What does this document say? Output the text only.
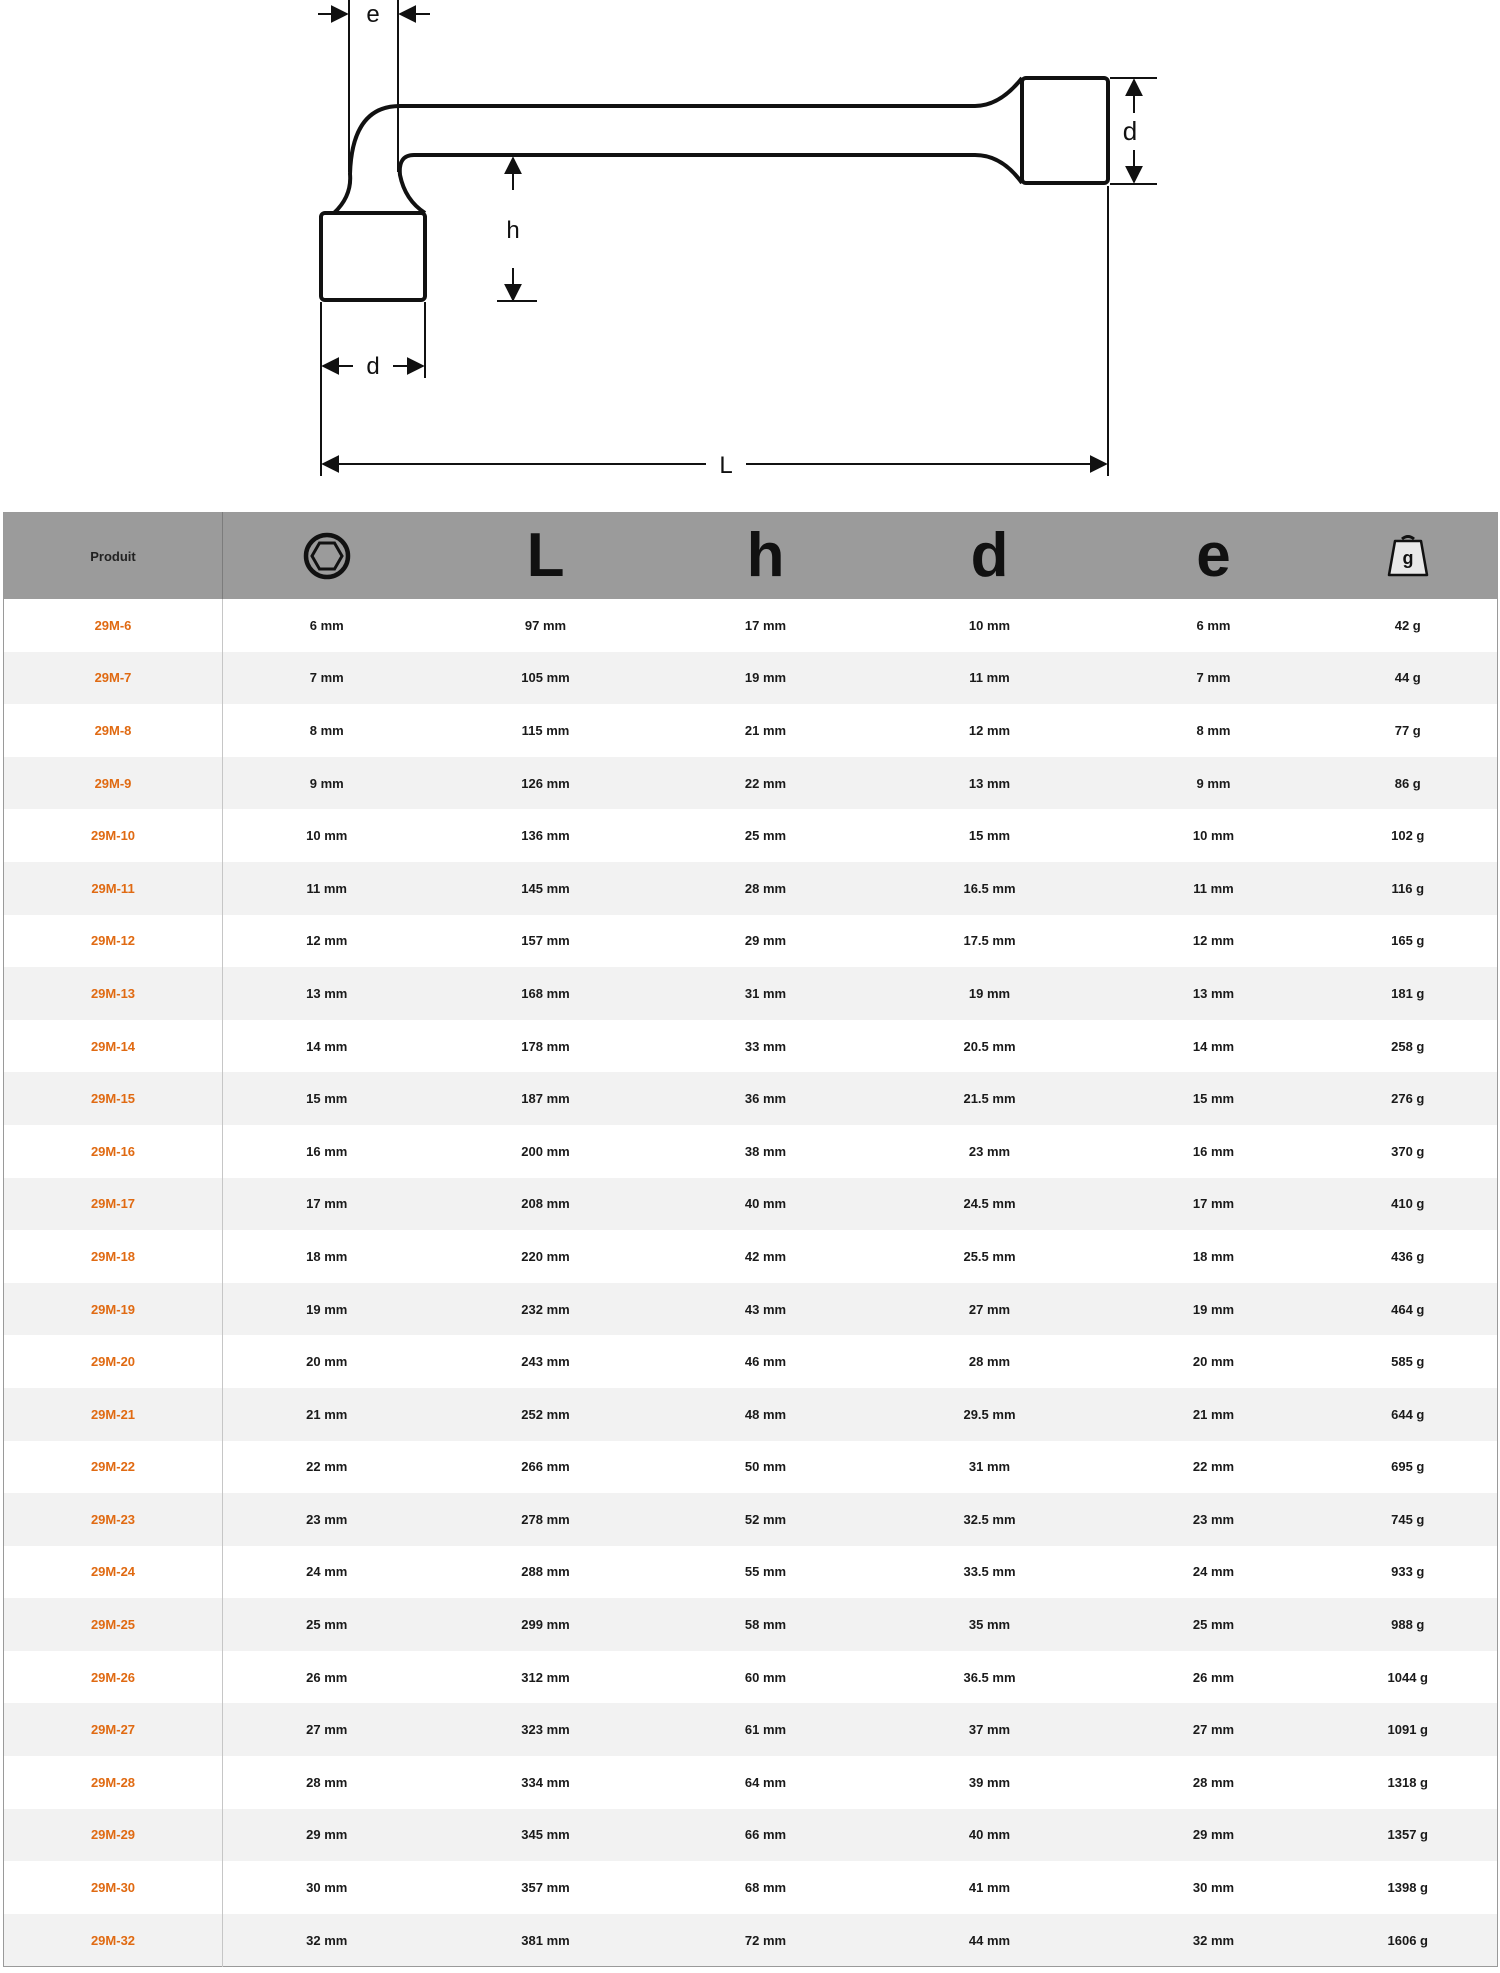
e
d
h
d
L
Produit		L	h	d	e	g

29M-6	6 mm	97 mm	17 mm	10 mm	6 mm	42 g
29M-7	7 mm	105 mm	19 mm	11 mm	7 mm	44 g
29M-8	8 mm	115 mm	21 mm	12 mm	8 mm	77 g
29M-9	9 mm	126 mm	22 mm	13 mm	9 mm	86 g
29M-10	10 mm	136 mm	25 mm	15 mm	10 mm	102 g
29M-11	11 mm	145 mm	28 mm	16.5 mm	11 mm	116 g
29M-12	12 mm	157 mm	29 mm	17.5 mm	12 mm	165 g
29M-13	13 mm	168 mm	31 mm	19 mm	13 mm	181 g
29M-14	14 mm	178 mm	33 mm	20.5 mm	14 mm	258 g
29M-15	15 mm	187 mm	36 mm	21.5 mm	15 mm	276 g
29M-16	16 mm	200 mm	38 mm	23 mm	16 mm	370 g
29M-17	17 mm	208 mm	40 mm	24.5 mm	17 mm	410 g
29M-18	18 mm	220 mm	42 mm	25.5 mm	18 mm	436 g
29M-19	19 mm	232 mm	43 mm	27 mm	19 mm	464 g
29M-20	20 mm	243 mm	46 mm	28 mm	20 mm	585 g
29M-21	21 mm	252 mm	48 mm	29.5 mm	21 mm	644 g
29M-22	22 mm	266 mm	50 mm	31 mm	22 mm	695 g
29M-23	23 mm	278 mm	52 mm	32.5 mm	23 mm	745 g
29M-24	24 mm	288 mm	55 mm	33.5 mm	24 mm	933 g
29M-25	25 mm	299 mm	58 mm	35 mm	25 mm	988 g
29M-26	26 mm	312 mm	60 mm	36.5 mm	26 mm	1044 g
29M-27	27 mm	323 mm	61 mm	37 mm	27 mm	1091 g
29M-28	28 mm	334 mm	64 mm	39 mm	28 mm	1318 g
29M-29	29 mm	345 mm	66 mm	40 mm	29 mm	1357 g
29M-30	30 mm	357 mm	68 mm	41 mm	30 mm	1398 g
29M-32	32 mm	381 mm	72 mm	44 mm	32 mm	1606 g
